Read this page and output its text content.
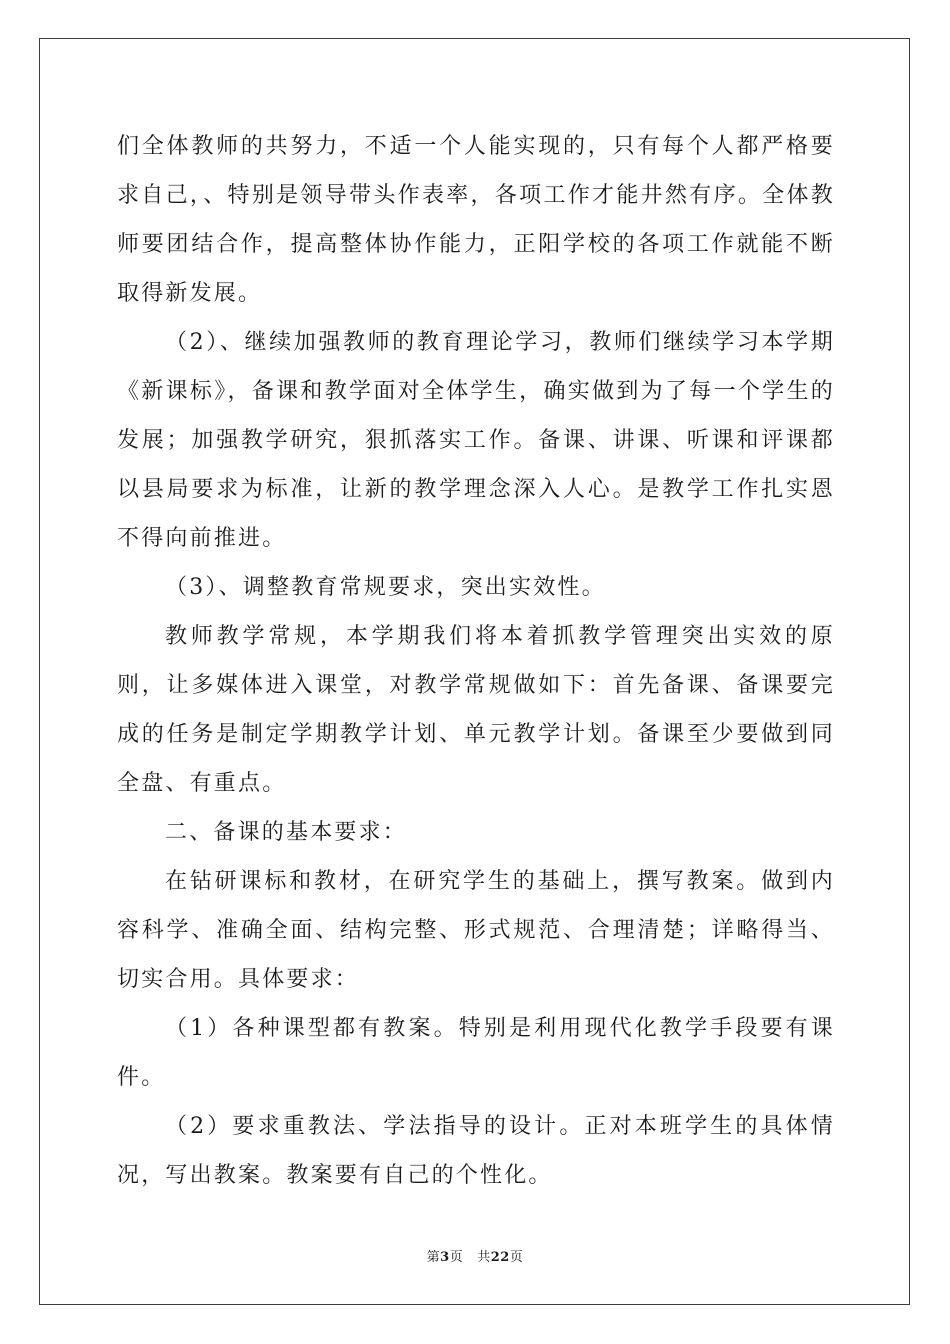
们全体教师的共努力，不适一个人能实现的，只有每个人都严格要求自己，、特别是领导带头作表率，各项工作才能井然有序。全体教师要团结合作，提高整体协作能力，正阳学校的各项工作就能不断取得新发展。

（2）、继续加强教师的教育理论学习，教师们继续学习本学期《新课标》，备课和教学面对全体学生，确实做到为了每一个学生的发展；加强教学研究，狠抓落实工作。备课、讲课、听课和评课都以县局要求为标准，让新的教学理念深入人心。是教学工作扎实恩不得向前推进。

（3）、调整教育常规要求，突出实效性。

教师教学常规，本学期我们将本着抓教学管理突出实效的原则，让多媒体进入课堂，对教学常规做如下：首先备课、备课要完成的任务是制定学期教学计划、单元教学计划。备课至少要做到同全盘、有重点。

二、备课的基本要求：

在钻研课标和教材，在研究学生的基础上，撰写教案。做到内容科学、准确全面、结构完整、形式规范、合理清楚；详略得当、切实合用。具体要求：

（1）各种课型都有教案。特别是利用现代化教学手段要有课件。

（2）要求重教法、学法指导的设计。正对本班学生的具体情况，写出教案。教案要有自己的个性化。

第3页 共22页
